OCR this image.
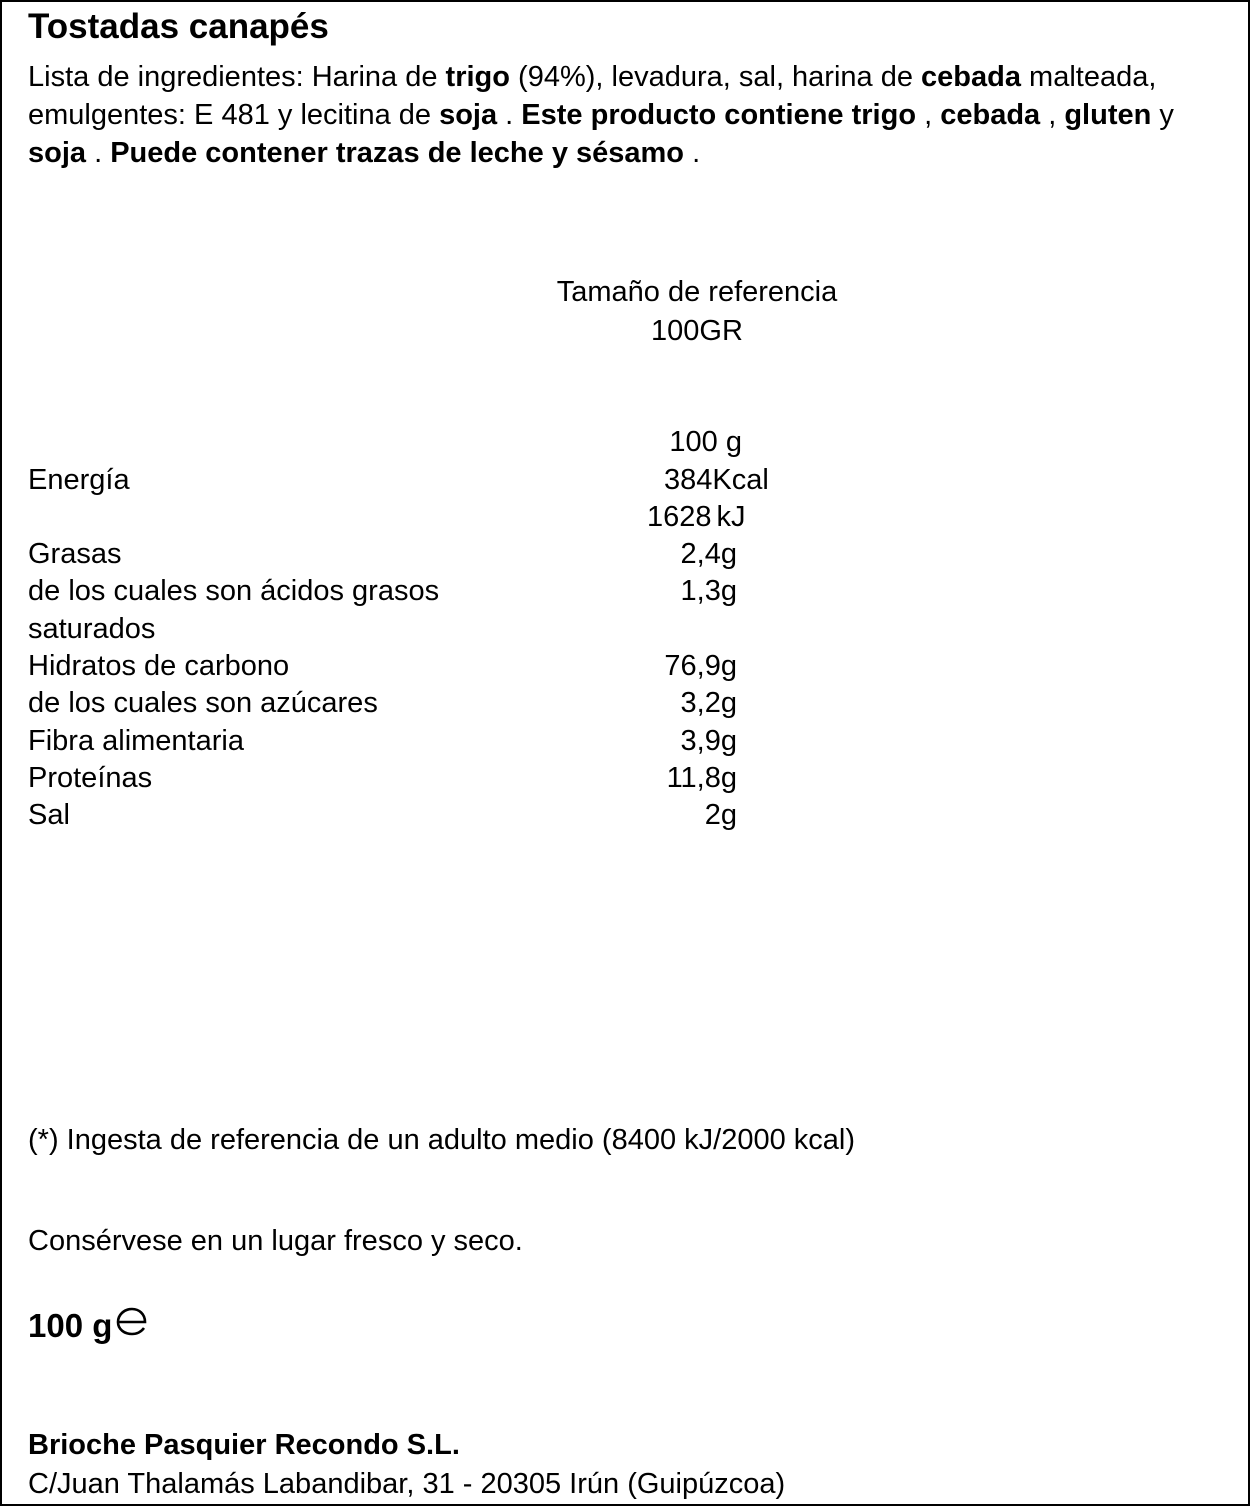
Tostadas canapés
Lista de ingredientes: Harina de trigo (94%), levadura, sal, harina de cebada malteada, emulgentes: E 481 y lecitina de soja . Este producto contiene trigo , cebada , gluten y soja . Puede contener trazas de leche y sésamo .
Tamaño de referencia
100GR
100 g
Energía	384Kcal
1628 kJ
Grasas	2,4g
de los cuales son ácidos grasos	1,3g
saturados
Hidratos de carbono	76,9g
de los cuales son azúcares	3,2g
Fibra alimentaria	3,9g
Proteínas	11,8g
Sal	2g
(*) Ingesta de referencia de un adulto medio (8400 kJ/2000 kcal)
Consérvese en un lugar fresco y seco.
100 g
Brioche Pasquier Recondo S.L.
C/Juan Thalamás Labandibar, 31 - 20305 Irún (Guipúzcoa)
